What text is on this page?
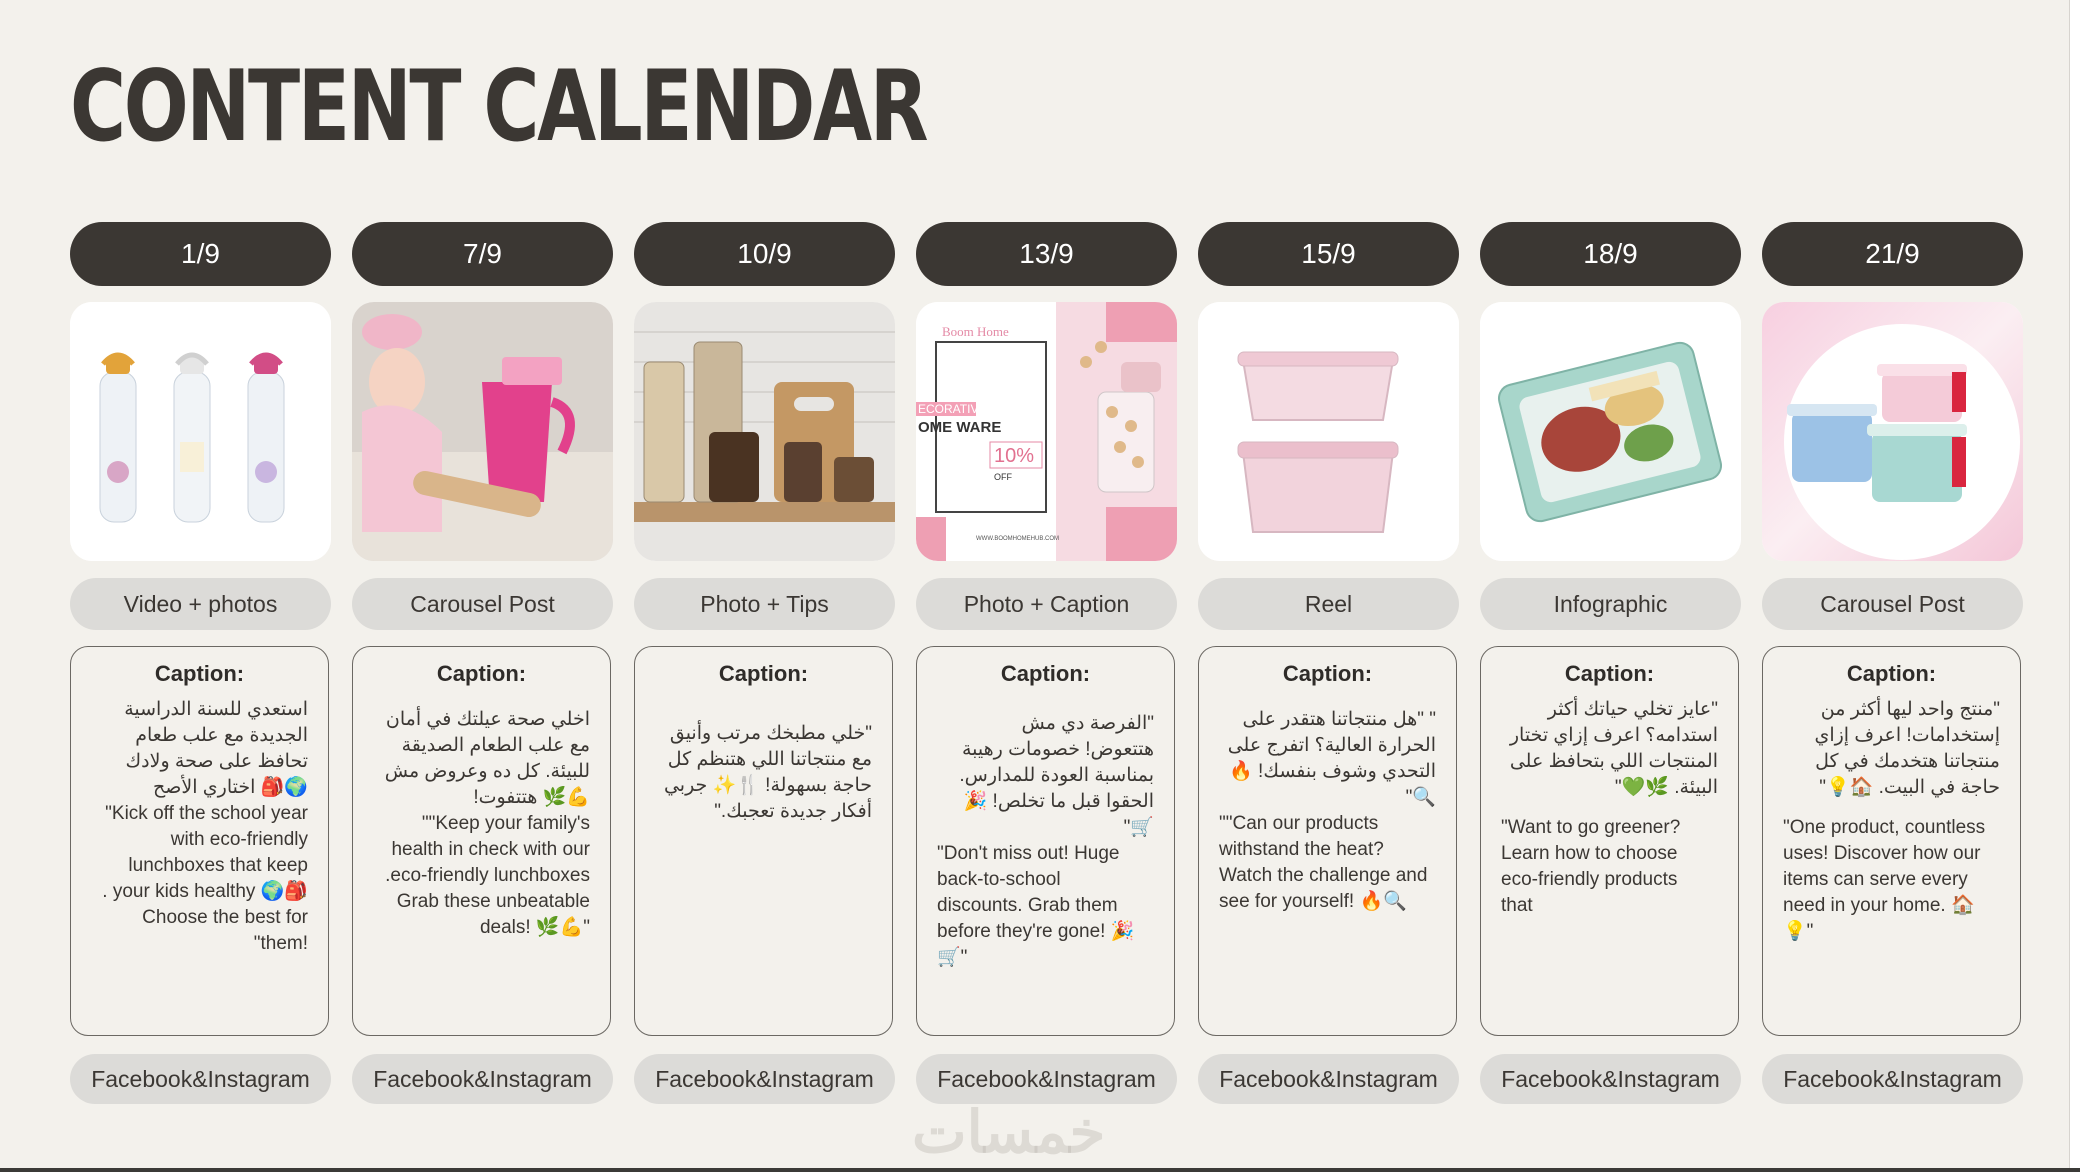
CONTENT CALENDAR
1/9
Video + photos
Caption:
استعدي للسنة الدراسية
الجديدة مع علب طعام
تحافظ على صحة ولادك
🌍🎒 اختاري الأصح
Kick off the school year"
with eco-friendly
lunchboxes that keep
🎒🌍 your kids healthy .
Choose the best for
!them"
Facebook&Instagram
7/9
Carousel Post
Caption:
اخلي صحة عيلتك في أمان
مع علب الطعام الصديقة
للبيئة. كل ده وعروض مش
💪🌿 هتتفوت!
Keep your family's""
health in check with our
eco-friendly lunchboxes.
Grab these unbeatable
"💪🌿 !deals
Facebook&Instagram
10/9
Photo + Tips
Caption:
"خلي مطبخك مرتب وأنيق
مع منتجاتنا اللي هتنظم كل
حاجة بسهولة! 🍴✨ جربي
أفكار جديدة تعجبك."
Facebook&Instagram
13/9
ECORATIVE
OME WARE
10%
OFF
Boom Home
WWW.BOOMHOMEHUB.COM
Photo + Caption
Caption:
"الفرصة دي مش
هتتعوض! خصومات رهيبة
بمناسبة العودة للمدارس.
الحقوا قبل ما تخلص! 🎉
🛒"
"Don't miss out! Huge
back-to-school
discounts. Grab them
before they're gone! 🎉
🛒"
Facebook&Instagram
15/9
Reel
Caption:
" "هل منتجاتنا هتقدر على
الحرارة العالية؟ اتفرج على
التحدي وشوف بنفسك! 🔥
🔍"
""Can our products
withstand the heat?
Watch the challenge and
see for yourself! 🔥🔍
Facebook&Instagram
18/9
Infographic
Caption:
"عايز تخلي حياتك أكثر
استدامه؟ اعرف إزاي تختار
المنتجات اللي بتحافظ على
البيئة. 🌿💚"
"Want to go greener?
Learn how to choose
eco-friendly products
that
Facebook&Instagram
21/9
Carousel Post
Caption:
"منتج واحد ليها أكثر من
إستخدامات! اعرف إزاي
منتجاتنا هتخدمك في كل
حاجة في البيت. 🏠💡"
"One product, countless
uses! Discover how our
items can serve every
need in your home. 🏠💡"
Facebook&Instagram
خمسات
